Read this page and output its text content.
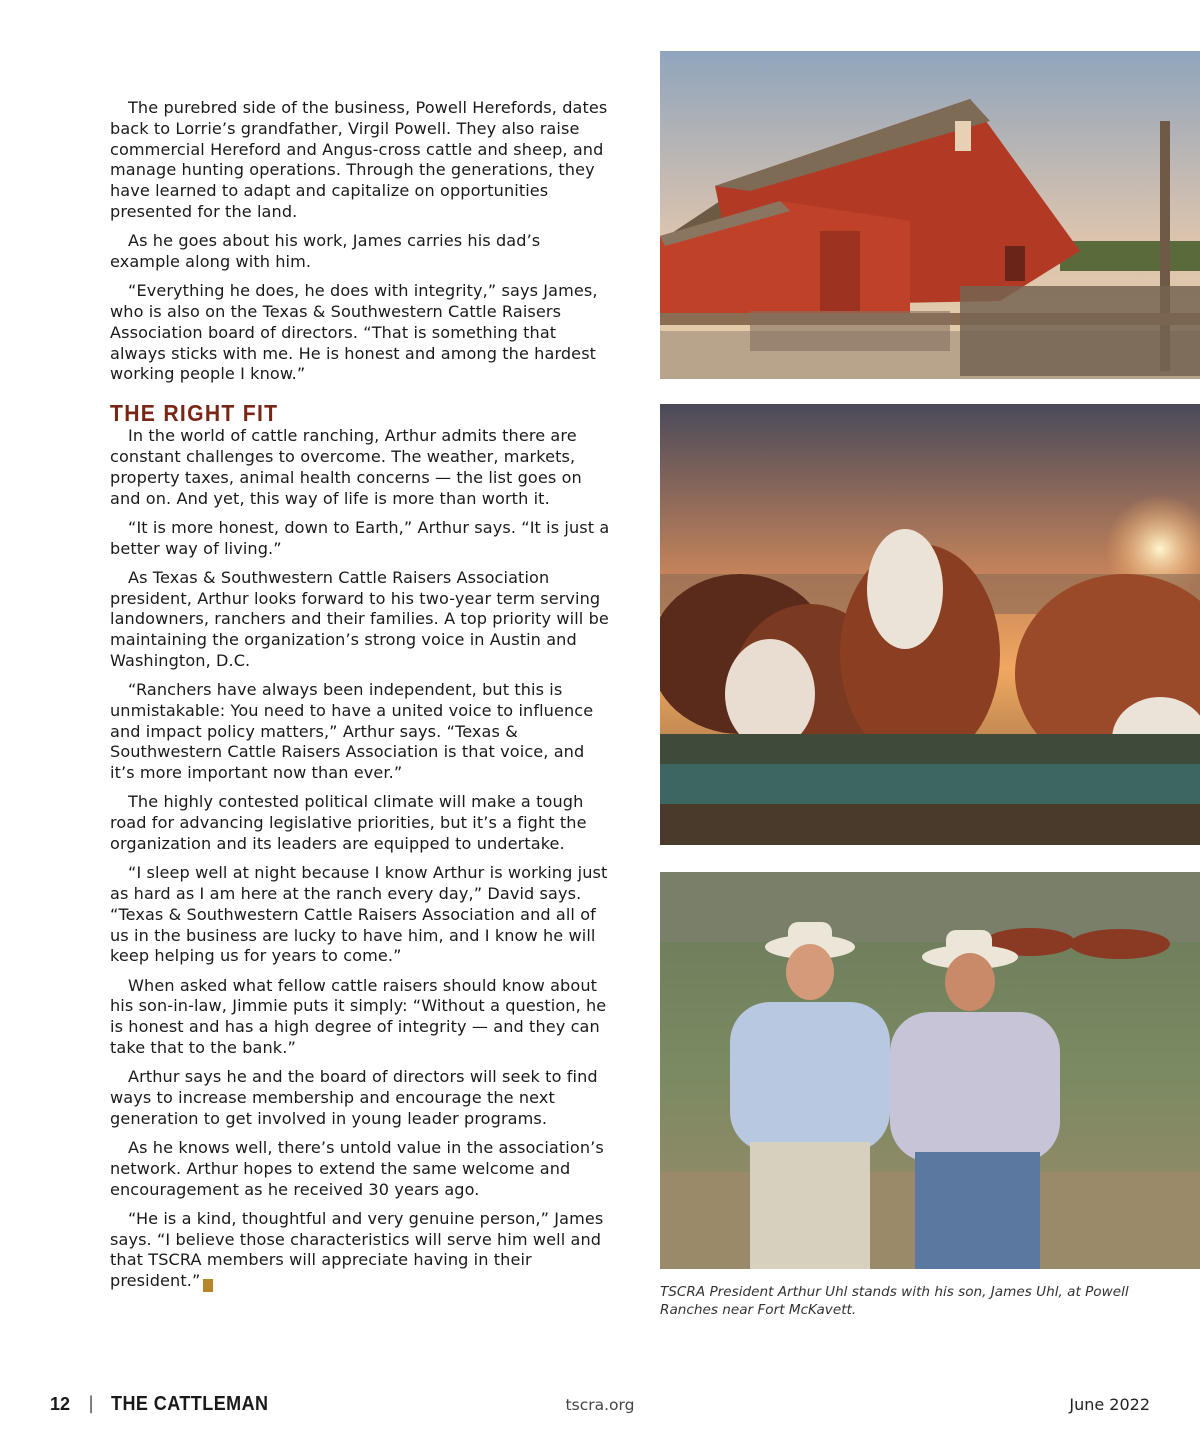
The purebred side of the business, Powell Herefords, dates back to Lorrie’s grandfather, Virgil Powell. They also raise commercial Hereford and Angus-cross cattle and sheep, and manage hunting operations. Through the generations, they have learned to adapt and capitalize on opportunities presented for the land.

As he goes about his work, James carries his dad’s example along with him.

“Everything he does, he does with integrity,” says James, who is also on the Texas & Southwestern Cattle Raisers Association board of directors. “That is something that always sticks with me. He is honest and among the hardest working people I know.”

THE RIGHT FIT

In the world of cattle ranching, Arthur admits there are constant challenges to overcome. The weather, markets, property taxes, animal health concerns — the list goes on and on. And yet, this way of life is more than worth it.

“It is more honest, down to Earth,” Arthur says. “It is just a better way of living.”

As Texas & Southwestern Cattle Raisers Association president, Arthur looks forward to his two-year term serving landowners, ranchers and their families. A top priority will be maintaining the organization’s strong voice in Austin and Washington, D.C.

“Ranchers have always been independent, but this is unmistakable: You need to have a united voice to influence and impact policy matters,” Arthur says. “Texas & Southwestern Cattle Raisers Association is that voice, and it’s more important now than ever.”

The highly contested political climate will make a tough road for advancing legislative priorities, but it’s a fight the organization and its leaders are equipped to undertake.

“I sleep well at night because I know Arthur is working just as hard as I am here at the ranch every day,” David says. “Texas & Southwestern Cattle Raisers Association and all of us in the business are lucky to have him, and I know he will keep helping us for years to come.”

When asked what fellow cattle raisers should know about his son-in-law, Jimmie puts it simply: “Without a question, he is honest and has a high degree of integrity — and they can take that to the bank.”

Arthur says he and the board of directors will seek to find ways to increase membership and encourage the next generation to get involved in young leader programs.

As he knows well, there’s untold value in the association’s network. Arthur hopes to extend the same welcome and encouragement as he received 30 years ago.

“He is a kind, thoughtful and very genuine person,” James says. “I believe those characteristics will serve him well and that TSCRA members will appreciate having in their president.” T	TSCRA President Arthur Uhl stands with his son, James Uhl, at Powell Ranches near Fort McKavett.
12 | THE CATTLEMAN	tscra.org	June 2022
